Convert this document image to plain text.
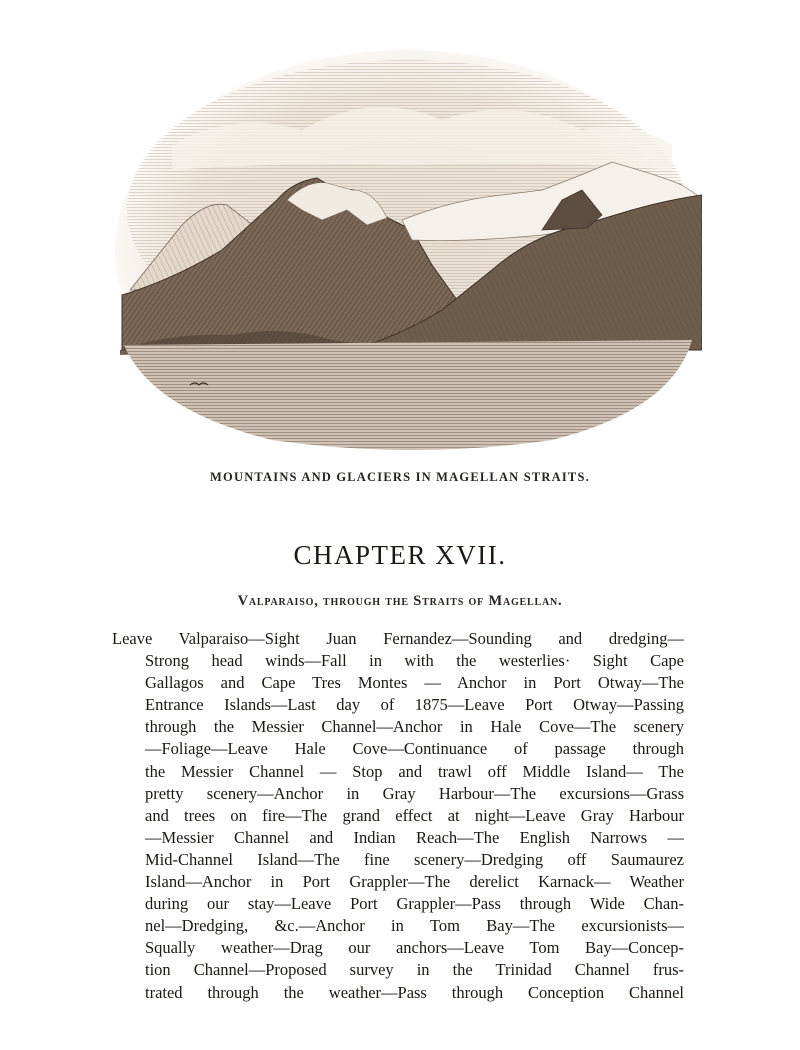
MOUNTAINS AND GLACIERS IN MAGELLAN STRAITS.
CHAPTER XVII.
Valparaiso, through the Straits of Magellan.
Leave Valparaiso—Sight Juan Fernandez—Sounding and dredging—
Strong head winds—Fall in with the westerlies· Sight Cape
Gallagos and Cape Tres Montes — Anchor in Port Otway—The
Entrance Islands—Last day of 1875—Leave Port Otway—Passing
through the Messier Channel—Anchor in Hale Cove—The scenery
—Foliage—Leave Hale Cove—Continuance of passage through
the Messier Channel — Stop and trawl off Middle Island— The
pretty scenery—Anchor in Gray Harbour—The excursions—Grass
and trees on fire—The grand effect at night—Leave Gray Harbour
—Messier Channel and Indian Reach—The English Narrows —
Mid-Channel Island—The fine scenery—Dredging off Saumaurez
Island—Anchor in Port Grappler—The derelict Karnack— Weather
during our stay—Leave Port Grappler—Pass through Wide Chan-
nel—Dredging, &c.—Anchor in Tom Bay—The excursionists—
Squally weather—Drag our anchors—Leave Tom Bay—Concep-
tion Channel—Proposed survey in the Trinidad Channel frus-
trated through the weather—Pass through Conception Channel
